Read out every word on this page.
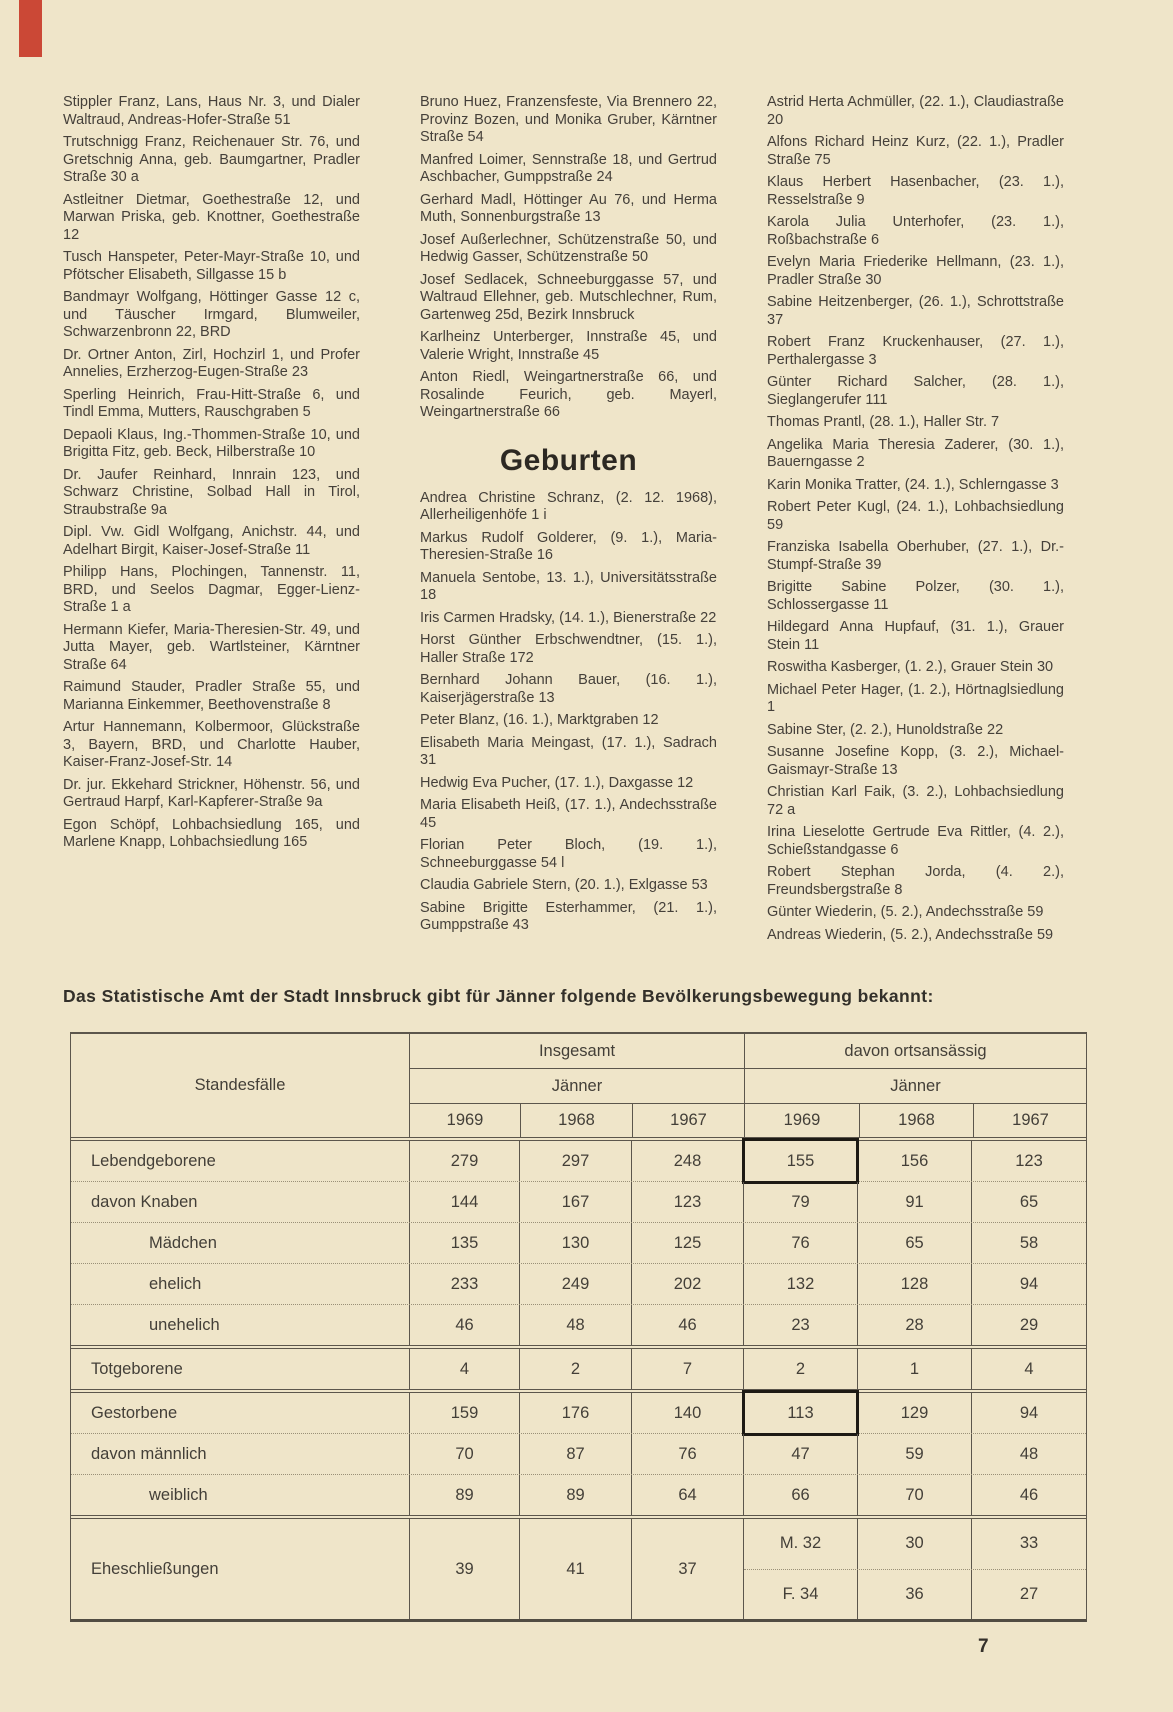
Stippler Franz, Lans, Haus Nr. 3, und Dialer Waltraud, Andreas-Hofer-Straße 51

Trutschnigg Franz, Reichenauer Str. 76, und Gretschnig Anna, geb. Baumgartner, Pradler Straße 30 a

Astleitner Dietmar, Goethestraße 12, und Marwan Priska, geb. Knottner, Goethestraße 12

Tusch Hanspeter, Peter-Mayr-Straße 10, und Pfötscher Elisabeth, Sillgasse 15 b

Bandmayr Wolfgang, Höttinger Gasse 12 c, und Täuscher Irmgard, Blumweiler, Schwarzenbronn 22, BRD

Dr. Ortner Anton, Zirl, Hochzirl 1, und Profer Annelies, Erzherzog-Eugen-Straße 23

Sperling Heinrich, Frau-Hitt-Straße 6, und Tindl Emma, Mutters, Rauschgraben 5

Depaoli Klaus, Ing.-Thommen-Straße 10, und Brigitta Fitz, geb. Beck, Hilberstraße 10

Dr. Jaufer Reinhard, Innrain 123, und Schwarz Christine, Solbad Hall in Tirol, Straubstraße 9a

Dipl. Vw. Gidl Wolfgang, Anichstr. 44, und Adelhart Birgit, Kaiser-Josef-Straße 11

Philipp Hans, Plochingen, Tannenstr. 11, BRD, und Seelos Dagmar, Egger-Lienz-Straße 1 a

Hermann Kiefer, Maria-Theresien-Str. 49, und Jutta Mayer, geb. Wartlsteiner, Kärntner Straße 64

Raimund Stauder, Pradler Straße 55, und Marianna Einkemmer, Beethovenstraße 8

Artur Hannemann, Kolbermoor, Glückstraße 3, Bayern, BRD, und Charlotte Hauber, Kaiser-Franz-Josef-Str. 14

Dr. jur. Ekkehard Strickner, Höhenstr. 56, und Gertraud Harpf, Karl-Kapferer-Straße 9a

Egon Schöpf, Lohbachsiedlung 165, und Marlene Knapp, Lohbachsiedlung 165

Bruno Huez, Franzensfeste, Via Brennero 22, Provinz Bozen, und Monika Gruber, Kärntner Straße 54

Manfred Loimer, Sennstraße 18, und Gertrud Aschbacher, Gumppstraße 24

Gerhard Madl, Höttinger Au 76, und Herma Muth, Sonnenburgstraße 13

Josef Außerlechner, Schützenstraße 50, und Hedwig Gasser, Schützenstraße 50

Josef Sedlacek, Schneeburggasse 57, und Waltraud Ellehner, geb. Mutschlechner, Rum, Gartenweg 25d, Bezirk Innsbruck

Karlheinz Unterberger, Innstraße 45, und Valerie Wright, Innstraße 45

Anton Riedl, Weingartnerstraße 66, und Rosalinde Feurich, geb. Mayerl, Weingartnerstraße 66

Geburten

Andrea Christine Schranz, (2. 12. 1968), Allerheiligenhöfe 1 i

Markus Rudolf Golderer, (9. 1.), Maria-Theresien-Straße 16

Manuela Sentobe, 13. 1.), Universitätsstraße 18

Iris Carmen Hradsky, (14. 1.), Bienerstraße 22

Horst Günther Erbschwendtner, (15. 1.), Haller Straße 172

Bernhard Johann Bauer, (16. 1.), Kaiserjägerstraße 13

Peter Blanz, (16. 1.), Marktgraben 12

Elisabeth Maria Meingast, (17. 1.), Sadrach 31

Hedwig Eva Pucher, (17. 1.), Daxgasse 12

Maria Elisabeth Heiß, (17. 1.), Andechsstraße 45

Florian Peter Bloch, (19. 1.), Schneeburggasse 54 l

Claudia Gabriele Stern, (20. 1.), Exlgasse 53

Sabine Brigitte Esterhammer, (21. 1.), Gumppstraße 43

Astrid Herta Achmüller, (22. 1.), Claudiastraße 20

Alfons Richard Heinz Kurz, (22. 1.), Pradler Straße 75

Klaus Herbert Hasenbacher, (23. 1.), Resselstraße 9

Karola Julia Unterhofer, (23. 1.), Roßbachstraße 6

Evelyn Maria Friederike Hellmann, (23. 1.), Pradler Straße 30

Sabine Heitzenberger, (26. 1.), Schrottstraße 37

Robert Franz Kruckenhauser, (27. 1.), Perthalergasse 3

Günter Richard Salcher, (28. 1.), Sieglangerufer 111

Thomas Prantl, (28. 1.), Haller Str. 7

Angelika Maria Theresia Zaderer, (30. 1.), Bauerngasse 2

Karin Monika Tratter, (24. 1.), Schlerngasse 3

Robert Peter Kugl, (24. 1.), Lohbachsiedlung 59

Franziska Isabella Oberhuber, (27. 1.), Dr.-Stumpf-Straße 39

Brigitte Sabine Polzer, (30. 1.), Schlossergasse 11

Hildegard Anna Hupfauf, (31. 1.), Grauer Stein 11

Roswitha Kasberger, (1. 2.), Grauer Stein 30

Michael Peter Hager, (1. 2.), Hörtnaglsiedlung 1

Sabine Ster, (2. 2.), Hunoldstraße 22

Susanne Josefine Kopp, (3. 2.), Michael-Gaismayr-Straße 13

Christian Karl Faik, (3. 2.), Lohbachsiedlung 72 a

Irina Lieselotte Gertrude Eva Rittler, (4. 2.), Schießstandgasse 6

Robert Stephan Jorda, (4. 2.), Freundsbergstraße 8

Günter Wiederin, (5. 2.), Andechsstraße 59

Andreas Wiederin, (5. 2.), Andechsstraße 59

Das Statistische Amt der Stadt Innsbruck gibt für Jänner folgende Bevölkerungsbewegung bekannt:

Standesfälle
Insgesamt
Jänner
1969	1968	1967
davon ortsansässig
Jänner
1969	1968	1967
Lebendgeborene	279	297	248	155	156	123
davon Knaben	144	167	123	79	91	65
Mädchen	135	130	125	76	65	58
ehelich	233	249	202	132	128	94
unehelich	46	48	46	23	28	29
Totgeborene	4	2	7	2	1	4
Gestorbene	159	176	140	113	129	94
davon männlich	70	87	76	47	59	48
weiblich	89	89	64	66	70	46
Eheschließungen	39	41	37
M. 32	30	33
F. 34	36	27
7
